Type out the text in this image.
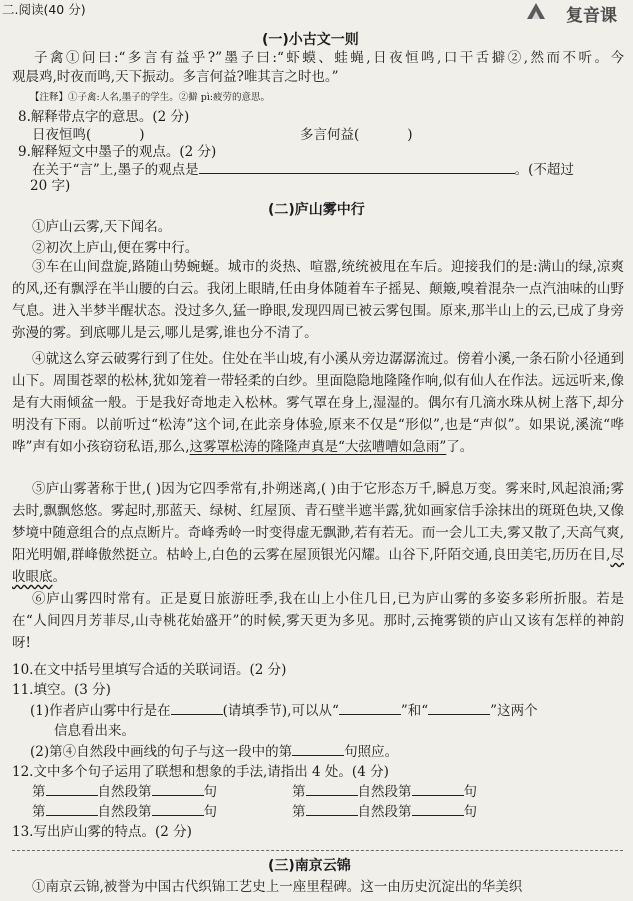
二.阅读(40 分)	复音课
(一)小古文一则
子禽①问曰:“多言有益乎?”墨子曰:“虾蟆、蛙蝇,日夜恒鸣,口干舌擗②,然而不听。今
观晨鸡,时夜而鸣,天下振动。多言何益?唯其言之时也。”
【注释】①子禽:人名,墨子的学生。②擗 pì:疲劳的意思。
8.解释带点字的意思。(2 分)
日夜恒鸣(	)	多言何益(	)
9.解释短文中墨子的观点。(2 分)
在关于“言”上,墨子的观点是	。(不超过
20 字)
(二)庐山雾中行
①庐山云雾,天下闻名。
②初次上庐山,便在雾中行。
③车在山间盘旋,路随山势蜿蜒。城市的炎热、喧嚣,统统被甩在车后。迎接我们的是:满山的绿,凉爽的风,还有飘浮在半山腰的白云。我闭上眼睛,任由身体随着车子摇晃、颠簸,嗅着混杂一点汽油味的山野气息。进入半梦半醒状态。没过多久,猛一睁眼,发现四周已被云雾包围。原来,那半山上的云,已成了身旁弥漫的雾。到底哪儿是云,哪儿是雾,谁也分不清了。
④就这么穿云破雾行到了住处。住处在半山坡,有小溪从旁边潺潺流过。傍着小溪,一条石阶小径通到山下。周围苍翠的松林,犹如笼着一带轻柔的白纱。里面隐隐地隆隆作响,似有仙人在作法。远远听来,像是有大雨倾盆一般。于是我好奇地走入松林。雾气罩在身上,湿湿的。偶尔有几滴水珠从树上落下,却分明没有下雨。以前听过“松涛”这个词,在此亲身体验,原来不仅是“形似”,也是“声似”。如果说,溪流“哗哗”声有如小孩窃窃私语,那么,这雾罩松涛的隆隆声真是“大弦嘈嘈如急雨”了。
⑤庐山雾著称于世,( )因为它四季常有,扑朔迷离,( )由于它形态万千,瞬息万变。雾来时,风起浪涌;雾去时,飘飘悠悠。雾起时,那蓝天、绿树、红屋顶、青石壁半遮半露,犹如画家信手涂抹出的斑斑色块,又像梦境中随意组合的点点断片。奇峰秀岭一时变得虚无飘渺,若有若无。而一会儿工夫,雾又散了,天高气爽,阳光明媚,群峰傲然挺立。枯岭上,白色的云雾在屋顶银光闪耀。山谷下,阡陌交通,良田美宅,历历在目,尽收眼底。
⑥庐山雾四时常有。正是夏日旅游旺季,我在山上小住几日,已为庐山雾的多姿多彩所折服。若是在“人间四月芳菲尽,山寺桃花始盛开”的时候,雾天更为多见。那时,云掩雾锁的庐山又该有怎样的神韵呀!
10.在文中括号里填写合适的关联词语。(2 分)
11.填空。(3 分)
(1)作者庐山雾中行是在	(请填季节),可以从“	”和“	”这两个
信息看出来。
(2)第④自然段中画线的句子与这一段中的第	句照应。
12.文中多个句子运用了联想和想象的手法,请指出 4 处。(4 分)
第	自然段第	句	第	自然段第	句
第	自然段第	句	第	自然段第	句
13.写出庐山雾的特点。(2 分)
(三)南京云锦
①南京云锦,被誉为中国古代织锦工艺史上一座里程碑。这一由历史沉淀出的华美织
